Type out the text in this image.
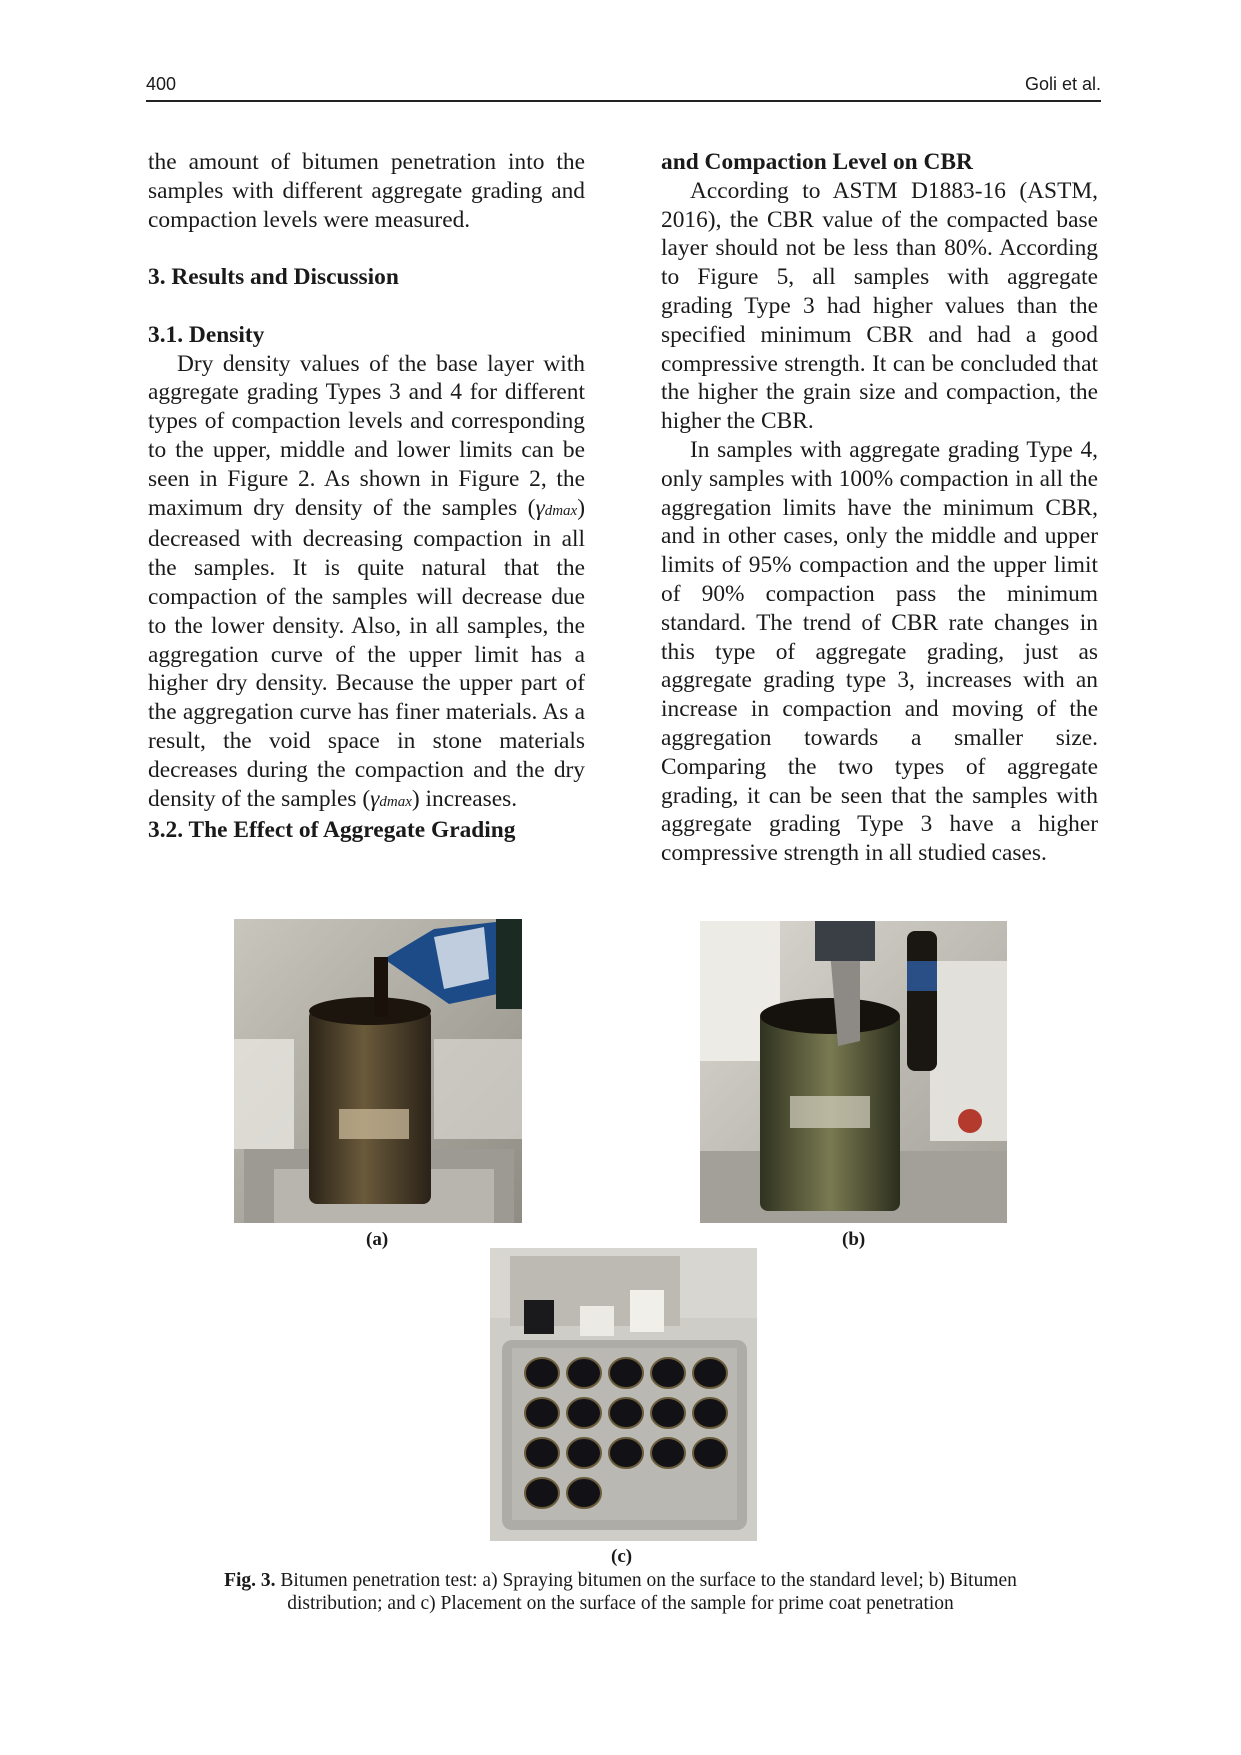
400	Goli et al.

the amount of bitumen penetration into the samples with different aggregate grading and compaction levels were measured.

3. Results and Discussion
3.1. Density

Dry density values of the base layer with aggregate grading Types 3 and 4 for different types of compaction levels and corresponding to the upper, middle and lower limits can be seen in Figure 2. As shown in Figure 2, the maximum dry density of the samples (γdmax) decreased with decreasing compaction in all the samples. It is quite natural that the compaction of the samples will decrease due to the lower density. Also, in all samples, the aggregation curve of the upper limit has a higher dry density. Because the upper part of the aggregation curve has finer materials. As a result, the void space in stone materials decreases during the compaction and the dry density of the samples (γdmax) increases.

3.2. The Effect of Aggregate Grading
and Compaction Level on CBR

According to ASTM D1883-16 (ASTM, 2016), the CBR value of the compacted base layer should not be less than 80%. According to Figure 5, all samples with aggregate grading Type 3 had higher values than the specified minimum CBR and had a good compressive strength. It can be concluded that the higher the grain size and compaction, the higher the CBR.

In samples with aggregate grading Type 4, only samples with 100% compaction in all the aggregation limits have the minimum CBR, and in other cases, only the middle and upper limits of 95% compaction and the upper limit of 90% compaction pass the minimum standard. The trend of CBR rate changes in this type of aggregate grading, just as aggregate grading type 3, increases with an increase in compaction and moving of the aggregation towards a smaller size. Comparing the two types of aggregate grading, it can be seen that the samples with aggregate grading Type 3 have a higher compressive strength in all studied cases.

(a)	(b)
(c)
Fig. 3. Bitumen penetration test: a) Spraying bitumen on the surface to the standard level; b) Bitumen
distribution; and c) Placement on the surface of the sample for prime coat penetration
